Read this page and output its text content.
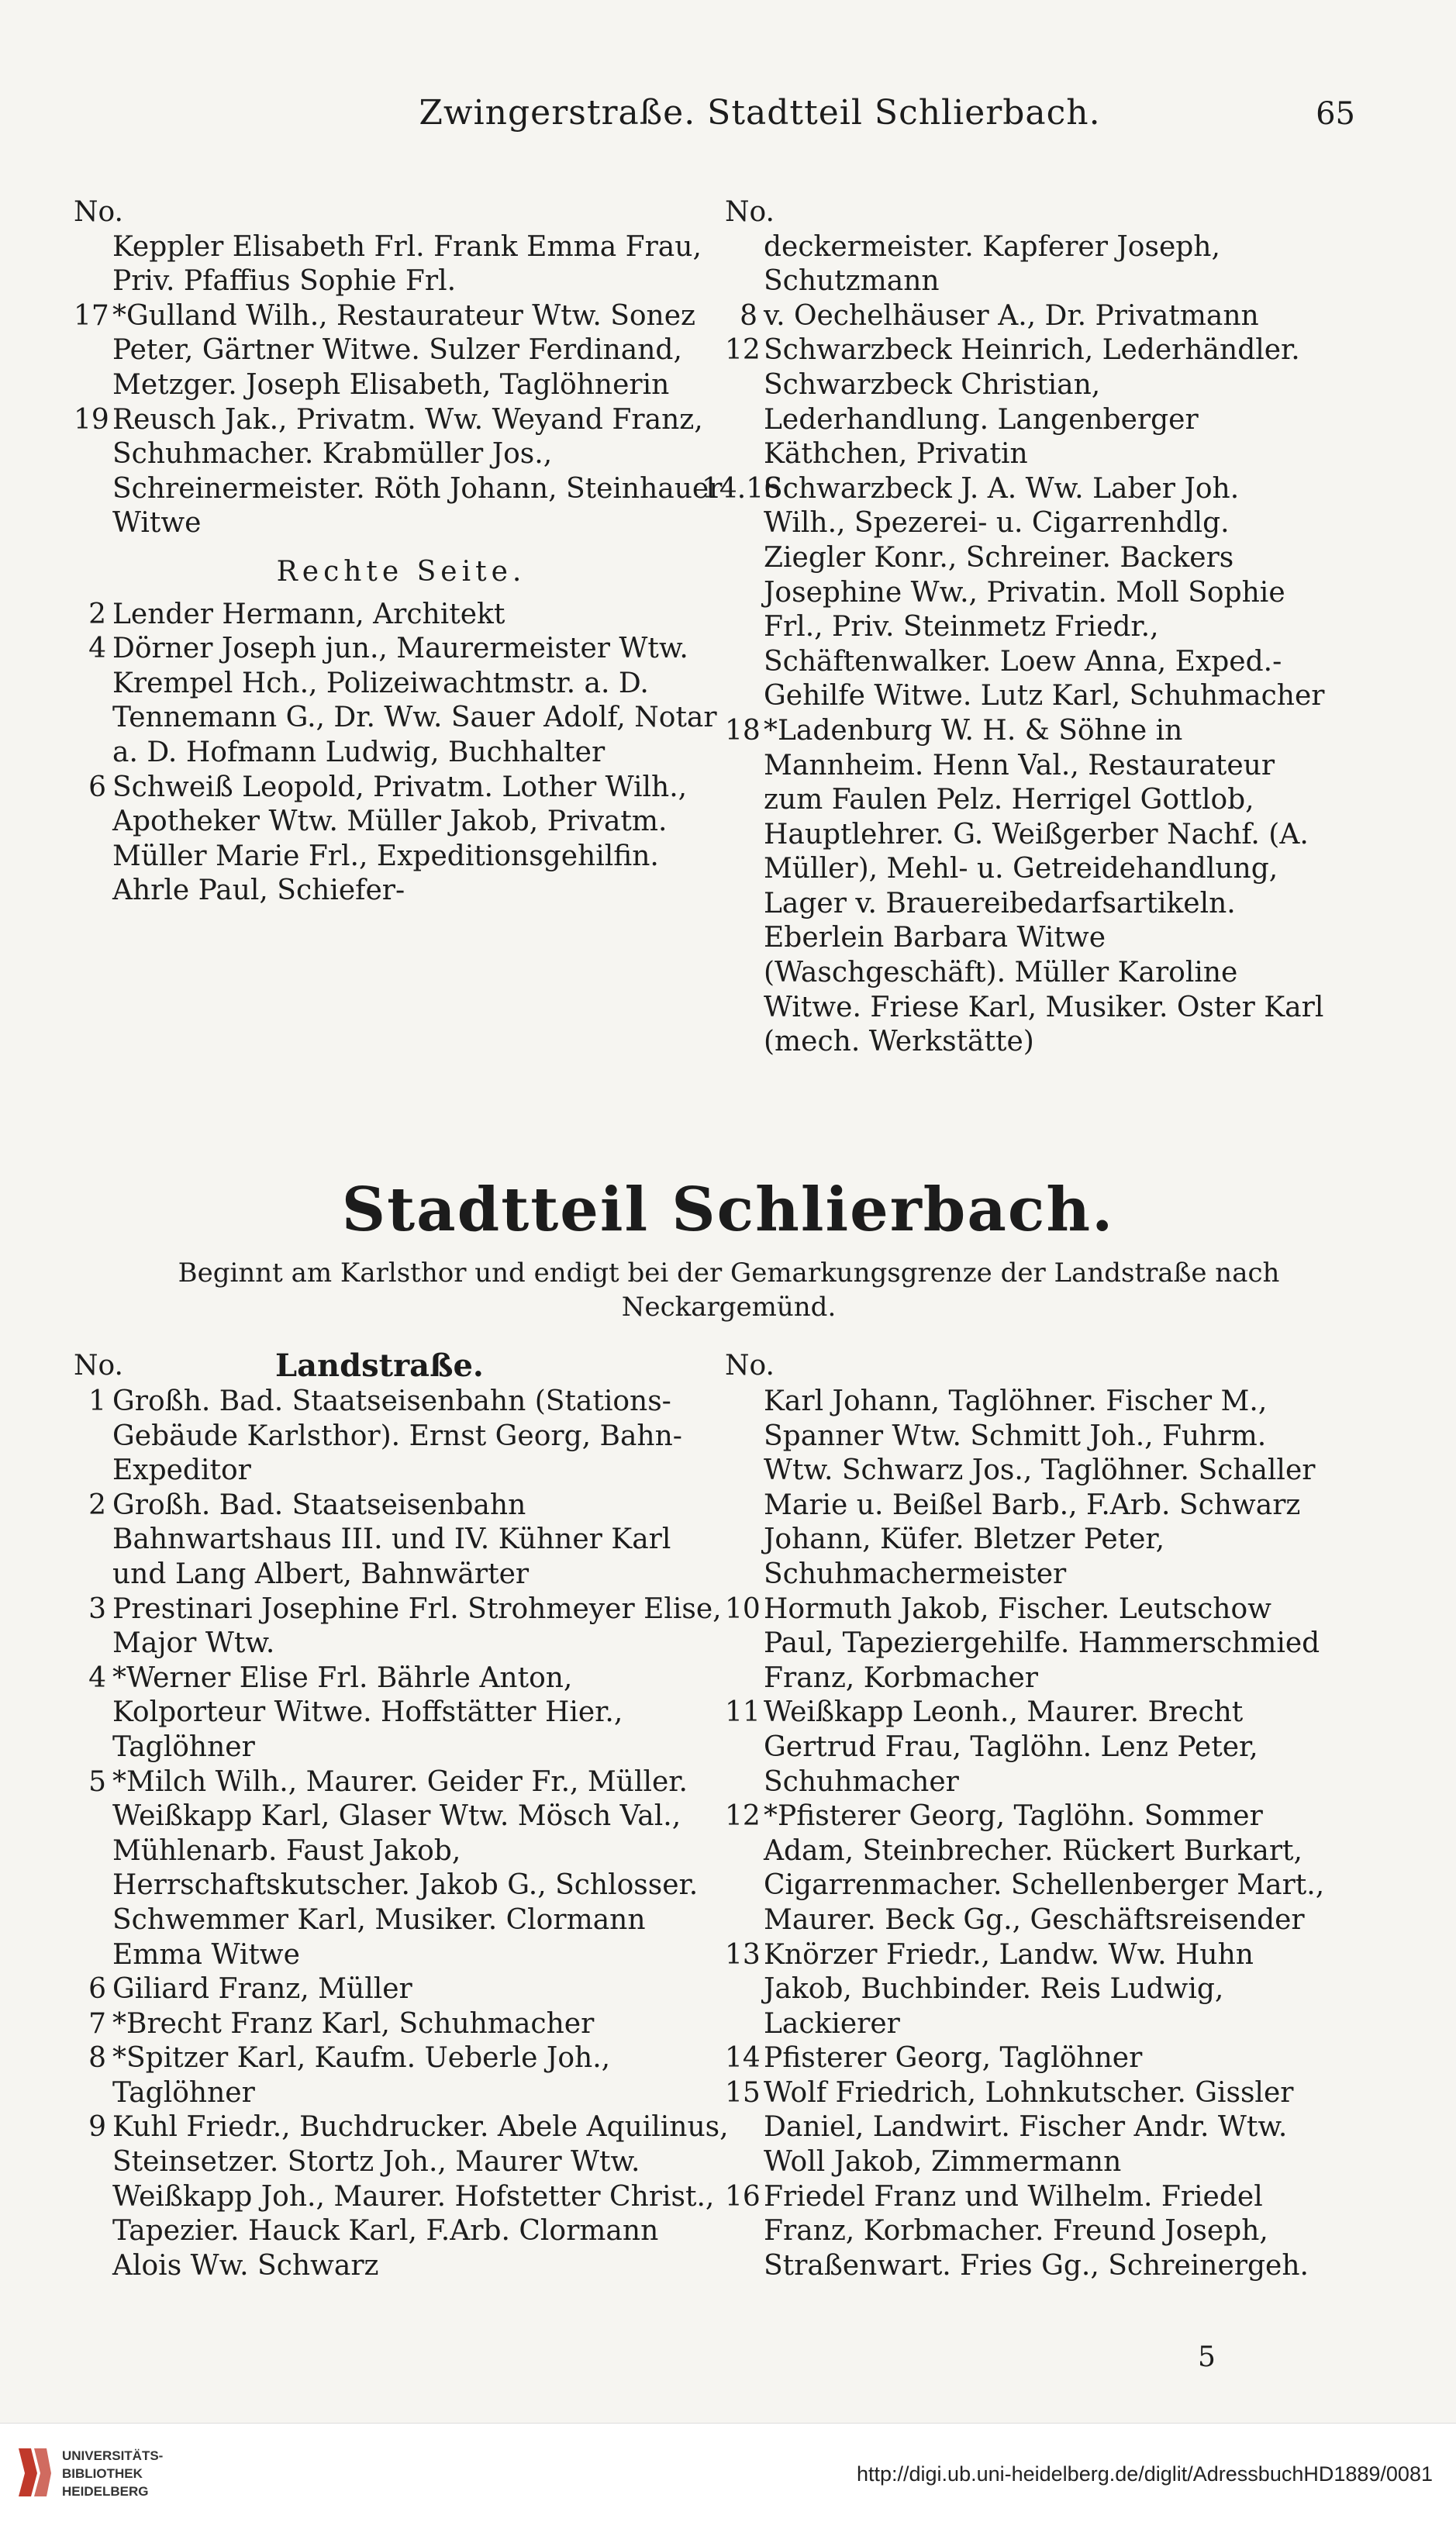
Zwingerstraße. Stadtteil Schlierbach.	65
No.
Keppler Elisabeth Frl. Frank Emma Frau, Priv. Pfaffius Sophie Frl.
17 *Gulland Wilh., Restaurateur Wtw. Sonez Peter, Gärtner Witwe. Sulzer Ferdinand, Metzger. Joseph Elisabeth, Taglöhnerin
19 Reusch Jak., Privatm. Ww. Weyand Franz, Schuhmacher. Krabmüller Jos., Schreinermeister. Röth Johann, Steinhauer Witwe
Rechte Seite.
2 Lender Hermann, Architekt
4 Dörner Joseph jun., Maurermeister Wtw. Krempel Hch., Polizeiwachtmstr. a. D. Tennemann G., Dr. Ww. Sauer Adolf, Notar a. D. Hofmann Ludwig, Buchhalter
6 Schweiß Leopold, Privatm. Lother Wilh., Apotheker Wtw. Müller Jakob, Privatm. Müller Marie Frl., Expeditionsgehilfin. Ahrle Paul, Schiefer-
No.
deckermeister. Kapferer Joseph, Schutzmann
8 v. Oechelhäuser A., Dr. Privatmann
12 Schwarzbeck Heinrich, Lederhändler. Schwarzbeck Christian, Lederhandlung. Langenberger Käthchen, Privatin
14.16
Schwarzbeck J. A. Ww. Laber Joh. Wilh., Spezerei- u. Cigarrenhdlg. Ziegler Konr., Schreiner. Backers Josephine Ww., Privatin. Moll Sophie Frl., Priv. Steinmetz Friedr., Schäftenwalker. Loew Anna, Exped.-Gehilfe Witwe. Lutz Karl, Schuhmacher
18 *Ladenburg W. H. & Söhne in Mannheim. Henn Val., Restaurateur zum Faulen Pelz. Herrigel Gottlob, Hauptlehrer. G. Weißgerber Nachf. (A. Müller), Mehl- u. Getreidehandlung, Lager v. Brauereibedarfsartikeln. Eberlein Barbara Witwe (Waschgeschäft). Müller Karoline Witwe. Friese Karl, Musiker. Oster Karl (mech. Werkstätte)
Stadtteil Schlierbach.
Beginnt am Karlsthor und endigt bei der Gemarkungsgrenze der Landstraße nach Neckargemünd.
No.	Landstraße.
1 Großh. Bad. Staatseisenbahn (Stations-Gebäude Karlsthor). Ernst Georg, Bahn-Expeditor
2 Großh. Bad. Staatseisenbahn Bahnwartshaus III. und IV. Kühner Karl und Lang Albert, Bahnwärter
3 Prestinari Josephine Frl. Strohmeyer Elise, Major Wtw.
4 *Werner Elise Frl. Bährle Anton, Kolporteur Witwe. Hoffstätter Hier., Taglöhner
5 *Milch Wilh., Maurer. Geider Fr., Müller. Weißkapp Karl, Glaser Wtw. Mösch Val., Mühlenarb. Faust Jakob, Herrschaftskutscher. Jakob G., Schlosser. Schwemmer Karl, Musiker. Clormann Emma Witwe
6 Giliard Franz, Müller
7 *Brecht Franz Karl, Schuhmacher
8 *Spitzer Karl, Kaufm. Ueberle Joh., Taglöhner
9 Kuhl Friedr., Buchdrucker. Abele Aquilinus, Steinsetzer. Stortz Joh., Maurer Wtw. Weißkapp Joh., Maurer. Hofstetter Christ., Tapezier. Hauck Karl, F.Arb. Clormann Alois Ww. Schwarz
No.
Karl Johann, Taglöhner. Fischer M., Spanner Wtw. Schmitt Joh., Fuhrm. Wtw. Schwarz Jos., Taglöhner. Schaller Marie u. Beißel Barb., F.Arb. Schwarz Johann, Küfer. Bletzer Peter, Schuhmachermeister
10 Hormuth Jakob, Fischer. Leutschow Paul, Tapeziergehilfe. Hammerschmied Franz, Korbmacher
11 Weißkapp Leonh., Maurer. Brecht Gertrud Frau, Taglöhn. Lenz Peter, Schuhmacher
12 *Pfisterer Georg, Taglöhn. Sommer Adam, Steinbrecher. Rückert Burkart, Cigarrenmacher. Schellenberger Mart., Maurer. Beck Gg., Geschäftsreisender
13 Knörzer Friedr., Landw. Ww. Huhn Jakob, Buchbinder. Reis Ludwig, Lackierer
14 Pfisterer Georg, Taglöhner
15 Wolf Friedrich, Lohnkutscher. Gissler Daniel, Landwirt. Fischer Andr. Wtw. Woll Jakob, Zimmermann
16 Friedel Franz und Wilhelm. Friedel Franz, Korbmacher. Freund Joseph, Straßenwart. Fries Gg., Schreinergeh.
5
UNIVERSITÄTS-
BIBLIOTHEK
HEIDELBERG
http://digi.ub.uni-heidelberg.de/diglit/AdressbuchHD1889/0081
